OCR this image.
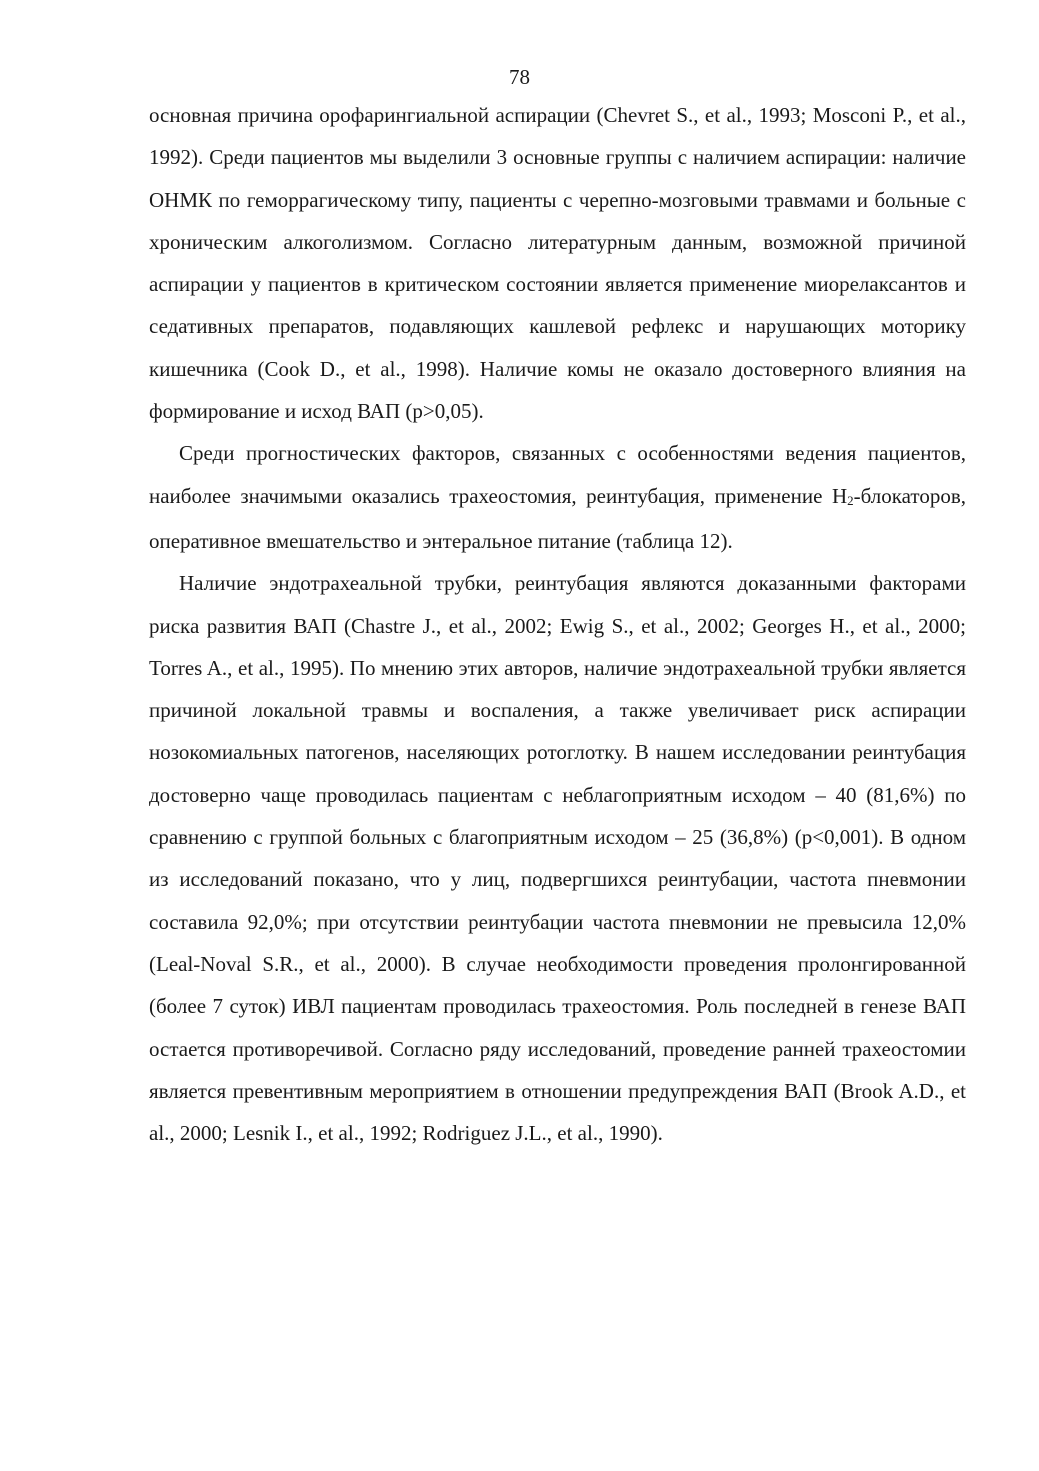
78

основная причина орофарингиальной аспирации (Chevret S., et al., 1993; Mosconi P., et al., 1992). Среди пациентов мы выделили 3 основные группы с наличием аспирации: наличие ОНМК по геморрагическому типу, пациенты с черепно-мозговыми травмами и больные с хроническим алкоголизмом. Согласно литературным данным, возможной причиной аспирации у пациентов в критическом состоянии является применение миорелаксантов и седативных препаратов, подавляющих кашлевой рефлекс и нарушающих моторику кишечника (Cook D., et al., 1998). Наличие комы не оказало достоверного влияния на формирование и исход ВАП (p>0,05).

Среди прогностических факторов, связанных с особенностями ведения пациентов, наиболее значимыми оказались трахеостомия, реинтубация, применение $Н_2$-блокаторов, оперативное вмешательство и энтеральное питание (таблица 12).

Наличие эндотрахеальной трубки, реинтубация являются доказанными факторами риска развития ВАП (Chastre J., et al., 2002; Ewig S., et al., 2002; Georges H., et al., 2000; Torres A., et al., 1995). По мнению этих авторов, наличие эндотрахеальной трубки является причиной локальной травмы и воспаления, а также увеличивает риск аспирации нозокомиальных патогенов, населяющих ротоглотку. В нашем исследовании реинтубация достоверно чаще проводилась пациентам с неблагоприятным исходом – 40 (81,6%) по сравнению с группой больных с благоприятным исходом – 25 (36,8%) (p<0,001). В одном из исследований показано, что у лиц, подвергшихся реинтубации, частота пневмонии составила 92,0%; при отсутствии реинтубации частота пневмонии не превысила 12,0% (Leal-Noval S.R., et al., 2000). В случае необходимости проведения пролонгированной (более 7 суток) ИВЛ пациентам проводилась трахеостомия. Роль последней в генезе ВАП остается противоречивой. Согласно ряду исследований, проведение ранней трахеостомии является превентивным мероприятием в отношении предупреждения ВАП (Brook A.D., et al., 2000; Lesnik I., et al., 1992; Rodriguez J.L., et al., 1990).
